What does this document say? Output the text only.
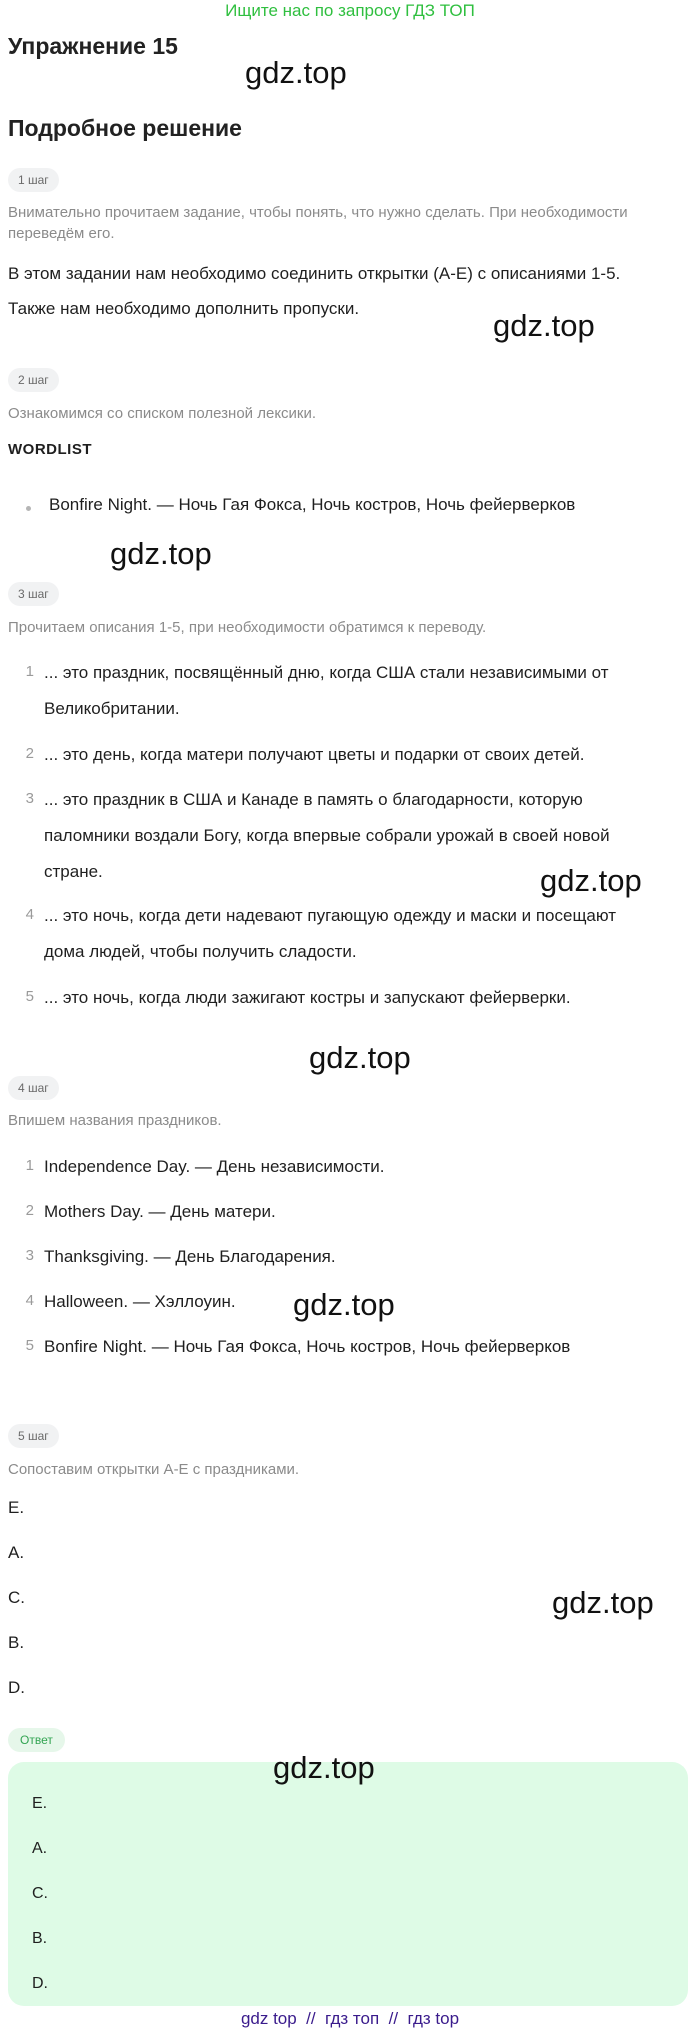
Ищите нас по запросу ГДЗ ТОП
Упражнение 15
gdz.top
Подробное решение
1 шаг
Внимательно прочитаем задание, чтобы понять, что нужно сделать. При необходимости переведём его.
В этом задании нам необходимо соединить открытки (A-E) с описаниями 1-5.
Также нам необходимо дополнить пропуски.	gdz.top
2 шаг
Ознакомимся со списком полезной лексики.
WORDLIST
Bonfire Night. — Ночь Гая Фокса, Ночь костров, Ночь фейерверков
gdz.top
3 шаг
Прочитаем описания 1-5, при необходимости обратимся к переводу.
1 ... это праздник, посвящённый дню, когда США стали независимыми от
Великобритании.
2 ... это день, когда матери получают цветы и подарки от своих детей.
3 ... это праздник в США и Канаде в память о благодарности, которую
паломники воздали Богу, когда впервые собрали урожай в своей новой
стране.	gdz.top
4 ... это ночь, когда дети надевают пугающую одежду и маски и посещают
дома людей, чтобы получить сладости.
5 ... это ночь, когда люди зажигают костры и запускают фейерверки.
gdz.top
4 шаг
Впишем названия праздников.
1 Independence Day. — День независимости.
2 Mothers Day. — День матери.
3 Thanksgiving. — День Благодарения.
4 Halloween. — Хэллоуин.	gdz.top
5 Bonfire Night. — Ночь Гая Фокса, Ночь костров, Ночь фейерверков
5 шаг
Сопоставим открытки A-E с праздниками.
E.
A.
C.	gdz.top
B.
D.
Ответ
gdz.top
E.
A.
C.
B.
D.
gdz top  //  гдз топ  //  гдз top
